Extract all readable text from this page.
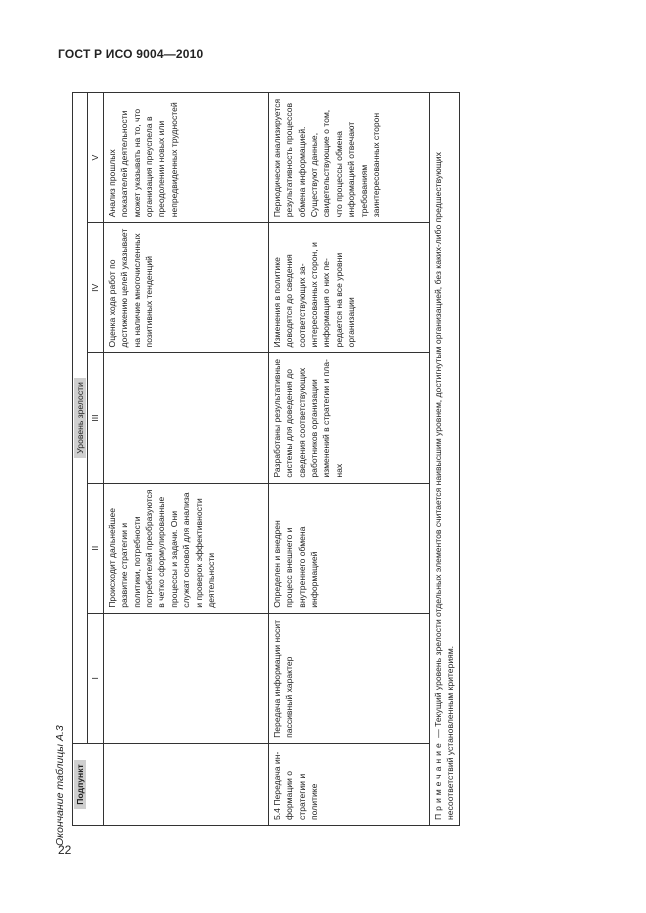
ГОСТ Р ИСО 9004—2010
Окончание таблицы А.3
22
Подпункт	Уровень зрелости				
	I	II	III	IV	V
		Происходит дальнейшее развитие стратегии и политики, потребности потребителей преобразуются в четко сформулированные процессы и задачи. Они служат основой для анализа и проверок эффективности деятельности		Оценка хода работ по достижению целей указывает на наличие многочисленных позитивных тенденций	Анализ прошлых показателей деятельности может указывать на то, что организация преуспела в преодолении новых или непредвиденных трудностей
5.4 Передача информации о стратегии и политике	Передача информации носит пассивный характер	Определен и внедрен процесс внешнего и внутреннего обмена информацией	Разработаны результативные системы для доведения до сведения соответствующих работников организации изменений в стратегии и планах	Изменения в политике доводятся до сведения соответствующих заинтересованных сторон, и информация о них передается на все уровни организации	Периодически анализируется результативность процессов обмена информацией. Существуют данные, свидетельствующие о том, что процессы обмена информацией отвечают требованиям заинтересованных сторон
Примечание — Текущий уровень зрелости отдельных элементов считается наивысшим уровнем, достигнутым организацией, без каких-либо предшествующих несоответствий установленным критериям.					
